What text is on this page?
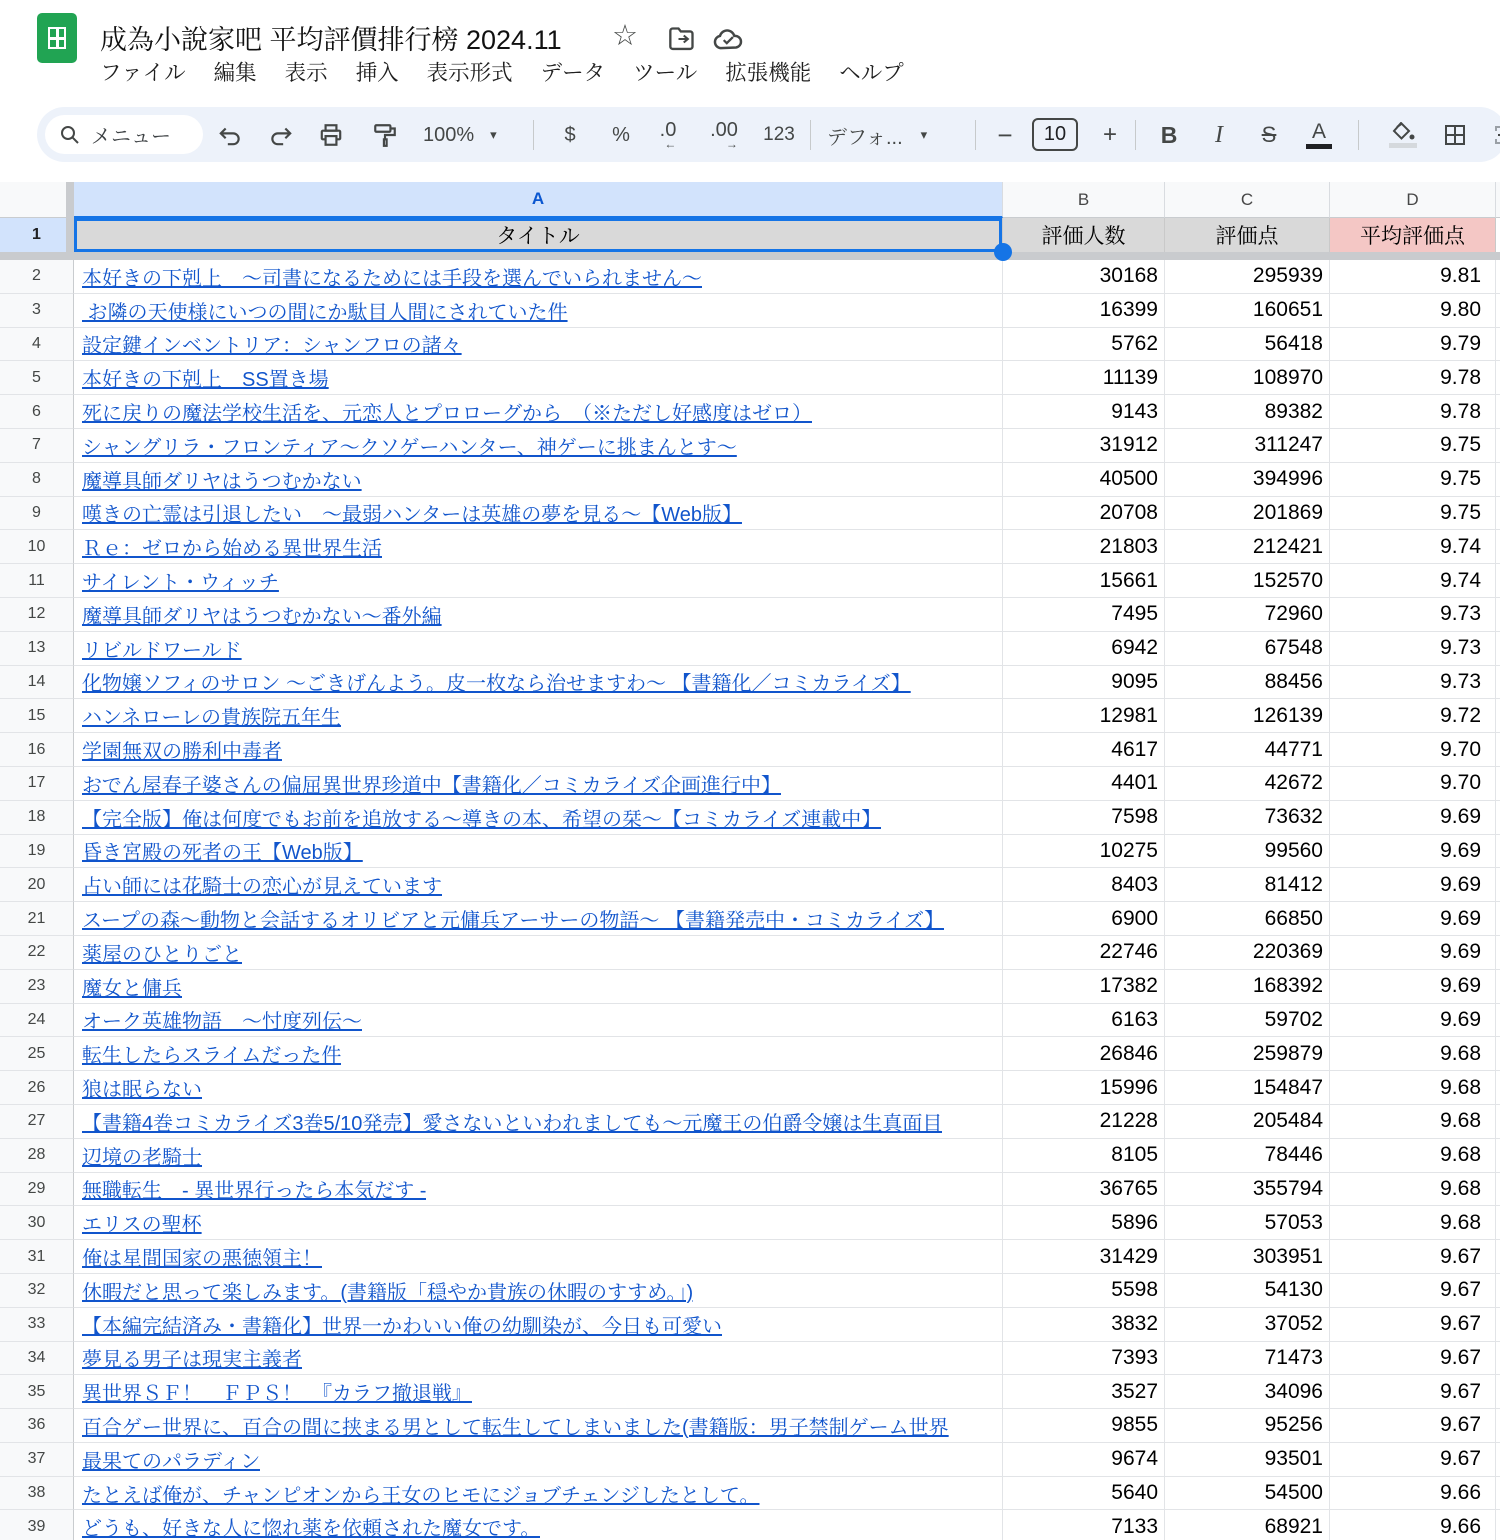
成為小說家吧 平均評價排行榜 2024.11 ☆
ファイル 編集 表示 挿入 表示形式 データ ツール 拡張機能 ヘルプ
メニュー	100% ▾	$ % .0
←
.00
→ 123 デフォ... ▾	−	10	+ B I S A
A	B	C	D
1	タイトル	評価人数	評価点	平均評価点
2	本好きの下剋上　～司書になるためには手段を選んでいられません～	30168	295939	9.81
3	お隣の天使様にいつの間にか駄目人間にされていた件	16399	160651	9.80
4	設定鍵インベントリア：シャンフロの諸々	5762	56418	9.79
5	本好きの下剋上　SS置き場	11139	108970	9.78
6	死に戻りの魔法学校生活を、元恋人とプロローグから　（※ただし好感度はゼロ）	9143	89382	9.78
7	シャングリラ・フロンティア～クソゲーハンター、神ゲーに挑まんとす～	31912	311247	9.75
8	魔導具師ダリヤはうつむかない	40500	394996	9.75
9	嘆きの亡霊は引退したい　～最弱ハンターは英雄の夢を見る～【Web版】	20708	201869	9.75
10	Ｒｅ：ゼロから始める異世界生活	21803	212421	9.74
11	サイレント・ウィッチ	15661	152570	9.74
12	魔導具師ダリヤはうつむかない～番外編	7495	72960	9.73
13	リビルドワールド	6942	67548	9.73
14	化物嬢ソフィのサロン ～ごきげんよう。皮一枚なら治せますわ～ 【書籍化／コミカライズ】	9095	88456	9.73
15	ハンネローレの貴族院五年生	12981	126139	9.72
16	学園無双の勝利中毒者	4617	44771	9.70
17	おでん屋春子婆さんの偏屈異世界珍道中【書籍化／コミカライズ企画進行中】	4401	42672	9.70
18	【完全版】俺は何度でもお前を追放する～導きの本、希望の栞～【コミカライズ連載中】	7598	73632	9.69
19	昏き宮殿の死者の王【Web版】	10275	99560	9.69
20	占い師には花騎士の恋心が見えています	8403	81412	9.69
21	スープの森～動物と会話するオリビアと元傭兵アーサーの物語～ 【書籍発売中・コミカライズ】	6900	66850	9.69
22	薬屋のひとりごと	22746	220369	9.69
23	魔女と傭兵	17382	168392	9.69
24	オーク英雄物語　～忖度列伝～	6163	59702	9.69
25	転生したらスライムだった件	26846	259879	9.68
26	狼は眠らない	15996	154847	9.68
27	【書籍4巻コミカライズ3巻5/10発売】愛さないといわれましても～元魔王の伯爵令嬢は生真面目	21228	205484	9.68
28	辺境の老騎士	8105	78446	9.68
29	無職転生　- 異世界行ったら本気だす -	36765	355794	9.68
30	エリスの聖杯	5896	57053	9.68
31	俺は星間国家の悪徳領主！	31429	303951	9.67
32	休暇だと思って楽しみます。(書籍版「穏やか貴族の休暇のすすめ。」)	5598	54130	9.67
33	【本編完結済み・書籍化】世界一かわいい俺の幼馴染が、今日も可愛い	3832	37052	9.67
34	夢見る男子は現実主義者	7393	71473	9.67
35	異世界ＳＦ！　ＦＰＳ！　『カラフ撤退戦』	3527	34096	9.67
36	百合ゲー世界に、百合の間に挟まる男として転生してしまいました(書籍版：男子禁制ゲーム世界	9855	95256	9.67
37	最果てのパラディン	9674	93501	9.67
38	たとえば俺が、チャンピオンから王女のヒモにジョブチェンジしたとして。	5640	54500	9.66
39	どうも、好きな人に惚れ薬を依頼された魔女です。	7133	68921	9.66
